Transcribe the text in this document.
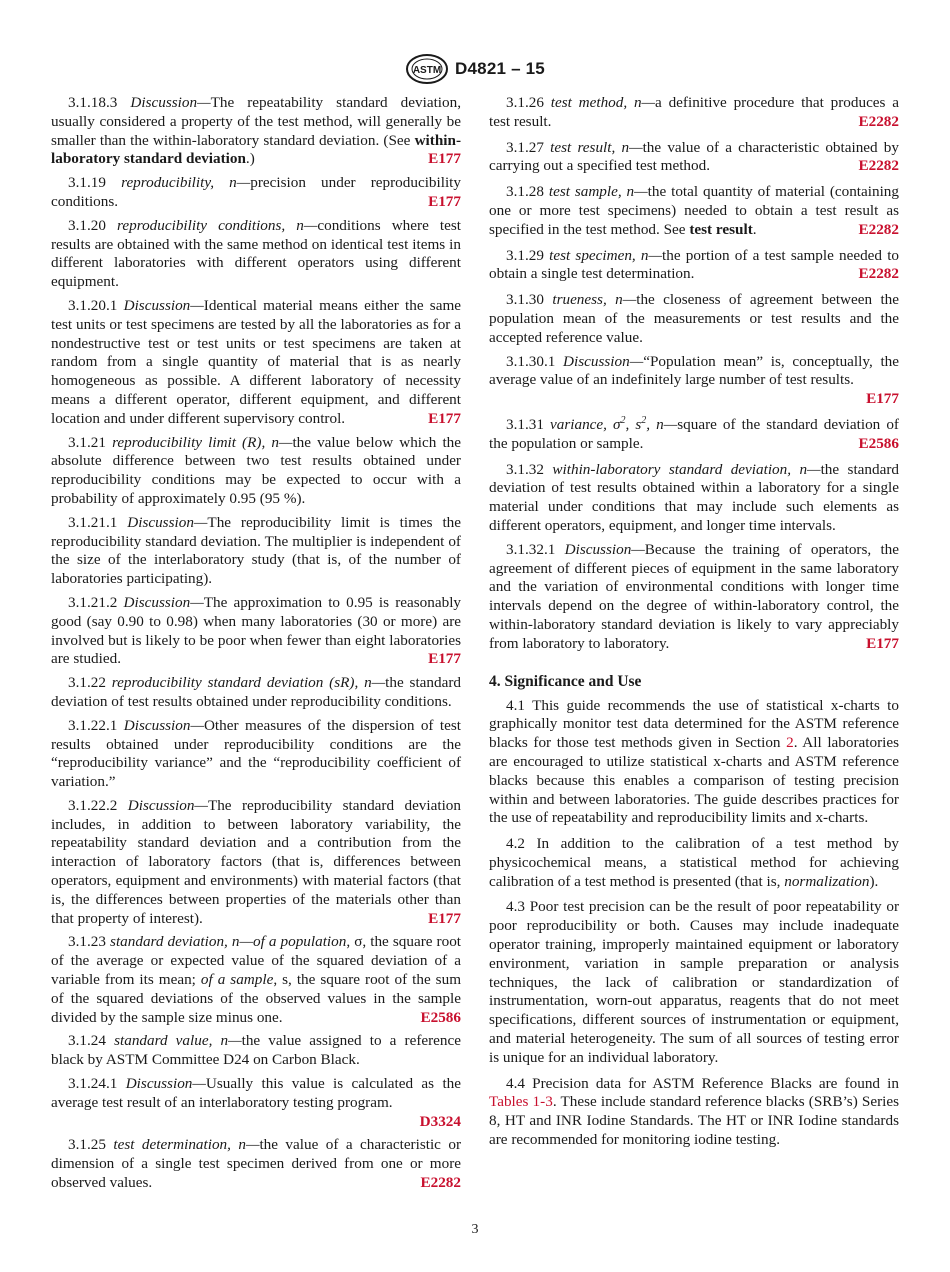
ASTM D4821 – 15

3.1.18.3 Discussion—The repeatability standard deviation, usually considered a property of the test method, will generally be smaller than the within-laboratory standard deviation. (See within-laboratory standard deviation.)	E177

3.1.19 reproducibility, n—precision under reproducibility conditions.	E177

3.1.20 reproducibility conditions, n—conditions where test results are obtained with the same method on identical test items in different laboratories with different operators using different equipment.

3.1.20.1 Discussion—Identical material means either the same test units or test specimens are tested by all the laboratories as for a nondestructive test or test units or test specimens are taken at random from a single quantity of material that is as nearly homogeneous as possible. A different laboratory of necessity means a different operator, different equipment, and different location and under different supervisory control.	E177

3.1.21 reproducibility limit (R), n—the value below which the absolute difference between two test results obtained under reproducibility conditions may be expected to occur with a probability of approximately 0.95 (95 %).

3.1.21.1 Discussion—The reproducibility limit is times the reproducibility standard deviation. The multiplier is independent of the size of the interlaboratory study (that is, of the number of laboratories participating).

3.1.21.2 Discussion—The approximation to 0.95 is reasonably good (say 0.90 to 0.98) when many laboratories (30 or more) are involved but is likely to be poor when fewer than eight laboratories are studied.	E177

3.1.22 reproducibility standard deviation (sR), n—the standard deviation of test results obtained under reproducibility conditions.

3.1.22.1 Discussion—Other measures of the dispersion of test results obtained under reproducibility conditions are the “reproducibility variance” and the “reproducibility coefficient of variation.”

3.1.22.2 Discussion—The reproducibility standard deviation includes, in addition to between laboratory variability, the repeatability standard deviation and a contribution from the interaction of laboratory factors (that is, differences between operators, equipment and environments) with material factors (that is, the differences between properties of the materials other than that property of interest).	E177

3.1.23 standard deviation, n—of a population, σ, the square root of the average or expected value of the squared deviation of a variable from its mean; of a sample, s, the square root of the sum of the squared deviations of the observed values in the sample divided by the sample size minus one.	E2586

3.1.24 standard value, n—the value assigned to a reference black by ASTM Committee D24 on Carbon Black.

3.1.24.1 Discussion—Usually this value is calculated as the average test result of an interlaboratory testing program.
D3324

3.1.25 test determination, n—the value of a characteristic or dimension of a single test specimen derived from one or more observed values.	E2282

3.1.26 test method, n—a definitive procedure that produces a test result.	E2282

3.1.27 test result, n—the value of a characteristic obtained by carrying out a specified test method.	E2282

3.1.28 test sample, n—the total quantity of material (containing one or more test specimens) needed to obtain a test result as specified in the test method. See test result.	E2282

3.1.29 test specimen, n—the portion of a test sample needed to obtain a single test determination.	E2282

3.1.30 trueness, n—the closeness of agreement between the population mean of the measurements or test results and the accepted reference value.

3.1.30.1 Discussion—“Population mean” is, conceptually, the average value of an indefinitely large number of test results.
E177

3.1.31 variance, $\sigma^2$, $s^2$, n—square of the standard deviation of the population or sample.	E2586

3.1.32 within-laboratory standard deviation, n—the standard deviation of test results obtained within a laboratory for a single material under conditions that may include such elements as different operators, equipment, and longer time intervals.

3.1.32.1 Discussion—Because the training of operators, the agreement of different pieces of equipment in the same laboratory and the variation of environmental conditions with longer time intervals depend on the degree of within-laboratory control, the within-laboratory standard deviation is likely to vary appreciably from laboratory to laboratory.	E177

4. Significance and Use

4.1 This guide recommends the use of statistical x-charts to graphically monitor test data determined for the ASTM reference blacks for those test methods given in Section 2. All laboratories are encouraged to utilize statistical x-charts and ASTM reference blacks because this enables a comparison of testing precision within and between laboratories. The guide describes practices for the use of repeatability and reproducibility limits and x-charts.

4.2 In addition to the calibration of a test method by physicochemical means, a statistical method for achieving calibration of a test method is presented (that is, normalization).

4.3 Poor test precision can be the result of poor repeatability or poor reproducibility or both. Causes may include inadequate operator training, improperly maintained equipment or laboratory environment, variation in sample preparation or analysis techniques, the lack of calibration or standardization of instrumentation, worn-out apparatus, reagents that do not meet specifications, different sources of instrumentation or equipment, and material heterogeneity. The sum of all sources of testing error is unique for an individual laboratory.

4.4 Precision data for ASTM Reference Blacks are found in Tables 1-3. These include standard reference blacks (SRB’s) Series 8, HT and INR Iodine Standards. The HT or INR Iodine standards are recommended for monitoring iodine testing.

3
